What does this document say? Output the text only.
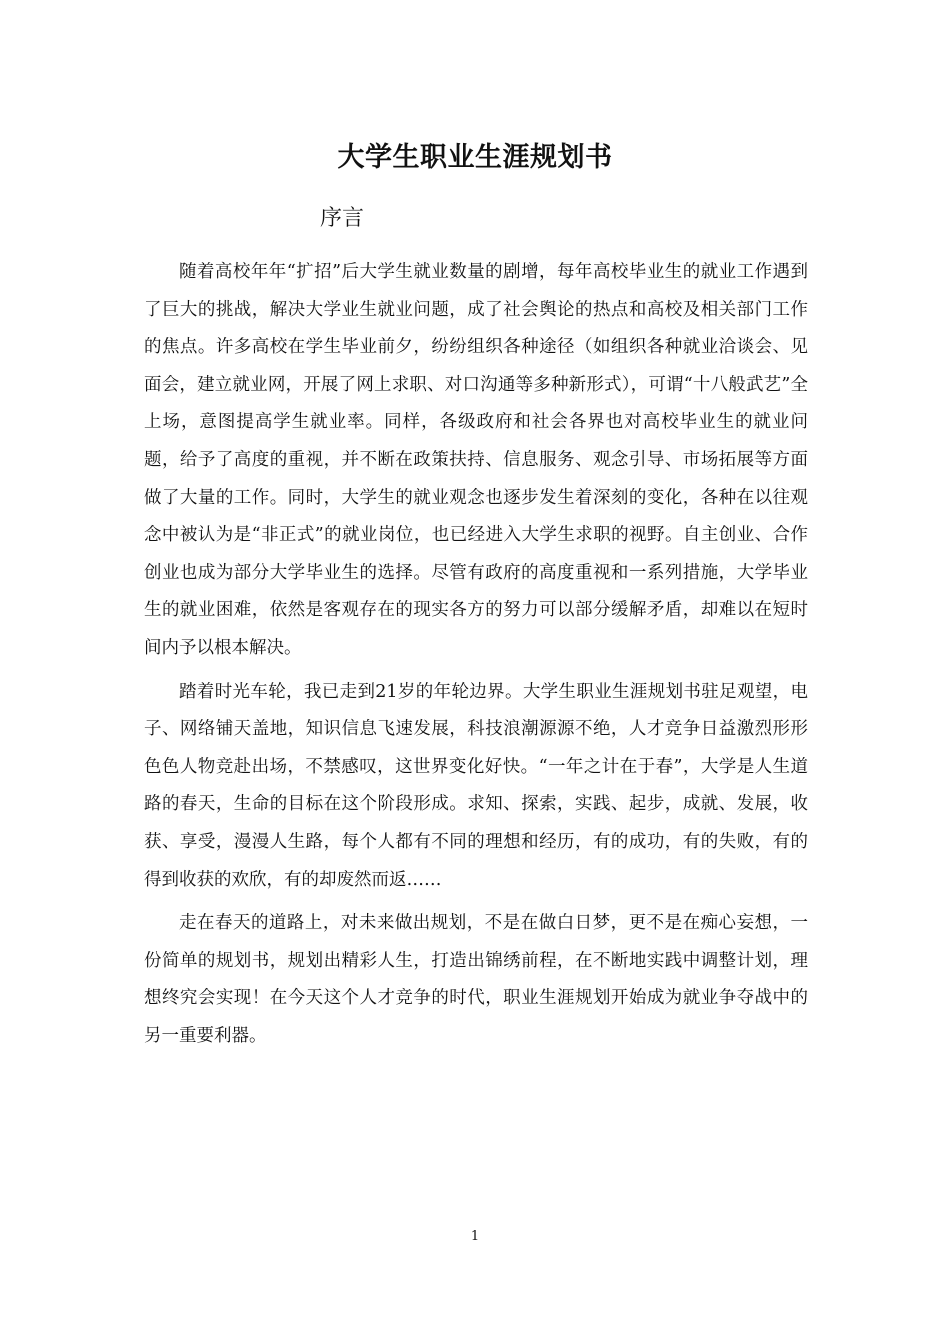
大学生职业生涯规划书
序言

随着高校年年“扩招”后大学生就业数量的剧增，每年高校毕业生的就业工作遇到了巨大的挑战，解决大学业生就业问题，成了社会舆论的热点和高校及相关部门工作的焦点。许多高校在学生毕业前夕，纷纷组织各种途径（如组织各种就业洽谈会、见面会，建立就业网，开展了网上求职、对口沟通等多种新形式），可谓“十八般武艺”全上场，意图提高学生就业率。同样，各级政府和社会各界也对高校毕业生的就业问题，给予了高度的重视，并不断在政策扶持、信息服务、观念引导、市场拓展等方面做了大量的工作。同时，大学生的就业观念也逐步发生着深刻的变化，各种在以往观念中被认为是“非正式”的就业岗位，也已经进入大学生求职的视野。自主创业、合作创业也成为部分大学毕业生的选择。尽管有政府的高度重视和一系列措施，大学毕业生的就业困难，依然是客观存在的现实各方的努力可以部分缓解矛盾，却难以在短时间内予以根本解决。

踏着时光车轮，我已走到21岁的年轮边界。大学生职业生涯规划书驻足观望，电子、网络铺天盖地，知识信息飞速发展，科技浪潮源源不绝，人才竞争日益激烈形形色色人物竞赴出场，不禁感叹，这世界变化好快。“一年之计在于春”，大学是人生道路的春天，生命的目标在这个阶段形成。求知、探索，实践、起步，成就、发展，收获、享受，漫漫人生路，每个人都有不同的理想和经历，有的成功，有的失败，有的得到收获的欢欣，有的却废然而返……

走在春天的道路上，对未来做出规划，不是在做白日梦，更不是在痴心妄想，一份简单的规划书，规划出精彩人生，打造出锦绣前程，在不断地实践中调整计划，理想终究会实现！在今天这个人才竞争的时代，职业生涯规划开始成为就业争夺战中的另一重要利器。

1
